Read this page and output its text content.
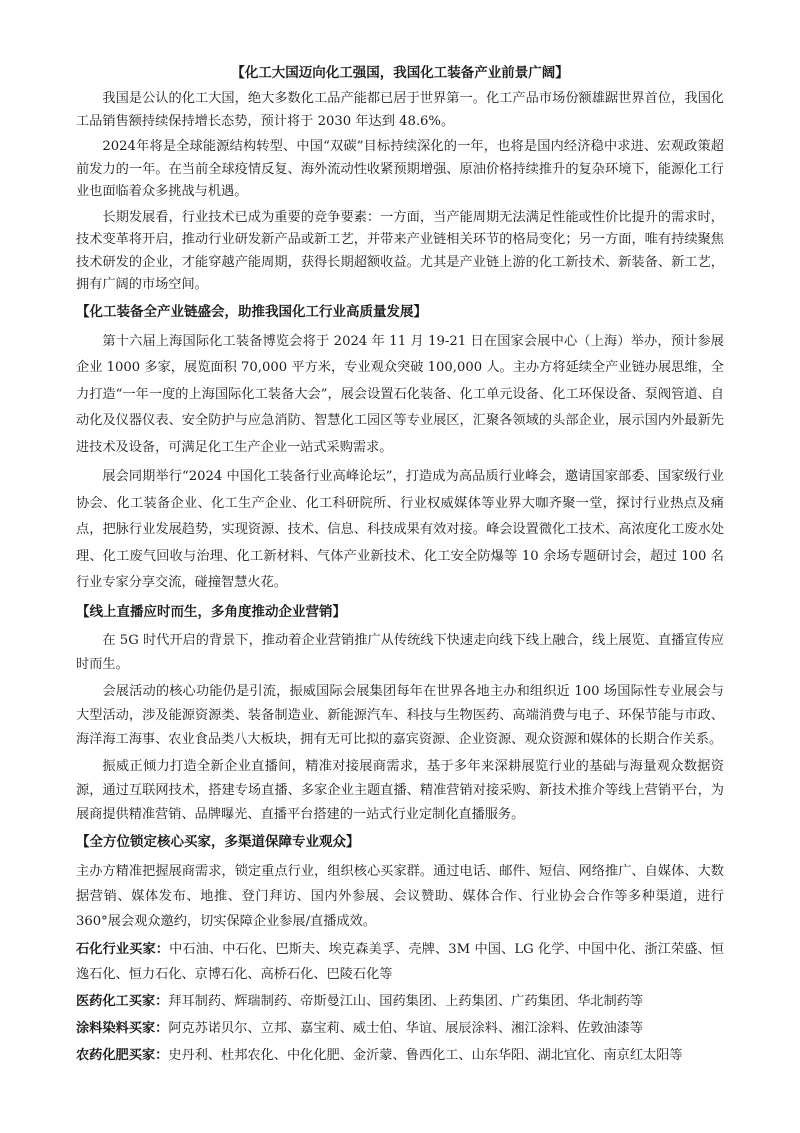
【化工大国迈向化工强国，我国化工装备产业前景广阔】

我国是公认的化工大国，绝大多数化工品产能都已居于世界第一。化工产品市场份额雄踞世界首位，我国化工品销售额持续保持增长态势，预计将于 2030 年达到 48.6%。

2024年将是全球能源结构转型、中国“双碳”目标持续深化的一年，也将是国内经济稳中求进、宏观政策超前发力的一年。在当前全球疫情反复、海外流动性收紧预期增强、原油价格持续推升的复杂环境下，能源化工行业也面临着众多挑战与机遇。

长期发展看，行业技术已成为重要的竞争要素：一方面，当产能周期无法满足性能或性价比提升的需求时，技术变革将开启，推动行业研发新产品或新工艺，并带来产业链相关环节的格局变化；另一方面，唯有持续聚焦技术研发的企业，才能穿越产能周期，获得长期超额收益。尤其是产业链上游的化工新技术、新装备、新工艺，拥有广阔的市场空间。

【化工装备全产业链盛会，助推我国化工行业高质量发展】

第十六届上海国际化工装备博览会将于 2024 年 11 月 19-21 日在国家会展中心（上海）举办，预计参展企业 1000 多家，展览面积 70,000 平方米，专业观众突破 100,000 人。主办方将延续全产业链办展思维，全力打造“一年一度的上海国际化工装备大会”，展会设置石化装备、化工单元设备、化工环保设备、泵阀管道、自动化及仪器仪表、安全防护与应急消防、智慧化工园区等专业展区，汇聚各领域的头部企业，展示国内外最新先进技术及设备，可满足化工生产企业一站式采购需求。

展会同期举行“2024 中国化工装备行业高峰论坛”，打造成为高品质行业峰会，邀请国家部委、国家级行业协会、化工装备企业、化工生产企业、化工科研院所、行业权威媒体等业界大咖齐聚一堂，探讨行业热点及痛点，把脉行业发展趋势，实现资源、技术、信息、科技成果有效对接。峰会设置微化工技术、高浓度化工废水处理、化工废气回收与治理、化工新材料、气体产业新技术、化工安全防爆等 10 余场专题研讨会，超过 100 名行业专家分享交流，碰撞智慧火花。

【线上直播应时而生，多角度推动企业营销】

在 5G 时代开启的背景下，推动着企业营销推广从传统线下快速走向线下线上融合，线上展览、直播宣传应时而生。

会展活动的核心功能仍是引流，振威国际会展集团每年在世界各地主办和组织近 100 场国际性专业展会与大型活动，涉及能源资源类、装备制造业、新能源汽车、科技与生物医药、高端消费与电子、环保节能与市政、海洋海工海事、农业食品类八大板块，拥有无可比拟的嘉宾资源、企业资源、观众资源和媒体的长期合作关系。

振威正倾力打造全新企业直播间，精准对接展商需求，基于多年来深耕展览行业的基础与海量观众数据资源，通过互联网技术，搭建专场直播、多家企业主题直播、精准营销对接采购、新技术推介等线上营销平台，为展商提供精准营销、品牌曝光、直播平台搭建的一站式行业定制化直播服务。

【全方位锁定核心买家，多渠道保障专业观众】

主办方精准把握展商需求，锁定重点行业，组织核心买家群。通过电话、邮件、短信、网络推广、自媒体、大数据营销、媒体发布、地推、登门拜访、国内外参展、会议赞助、媒体合作、行业协会合作等多种渠道，进行 360°展会观众邀约，切实保障企业参展/直播成效。

石化行业买家：中石油、中石化、巴斯夫、埃克森美孚、壳牌、3M 中国、LG 化学、中国中化、浙江荣盛、恒逸石化、恒力石化、京博石化、高桥石化、巴陵石化等

医药化工买家：拜耳制药、辉瑞制药、帝斯曼江山、国药集团、上药集团、广药集团、华北制药等

涂料染料买家：阿克苏诺贝尔、立邦、嘉宝莉、威士伯、华谊、展辰涂料、湘江涂料、佐敦油漆等

农药化肥买家：史丹利、杜邦农化、中化化肥、金沂蒙、鲁西化工、山东华阳、湖北宜化、南京红太阳等
